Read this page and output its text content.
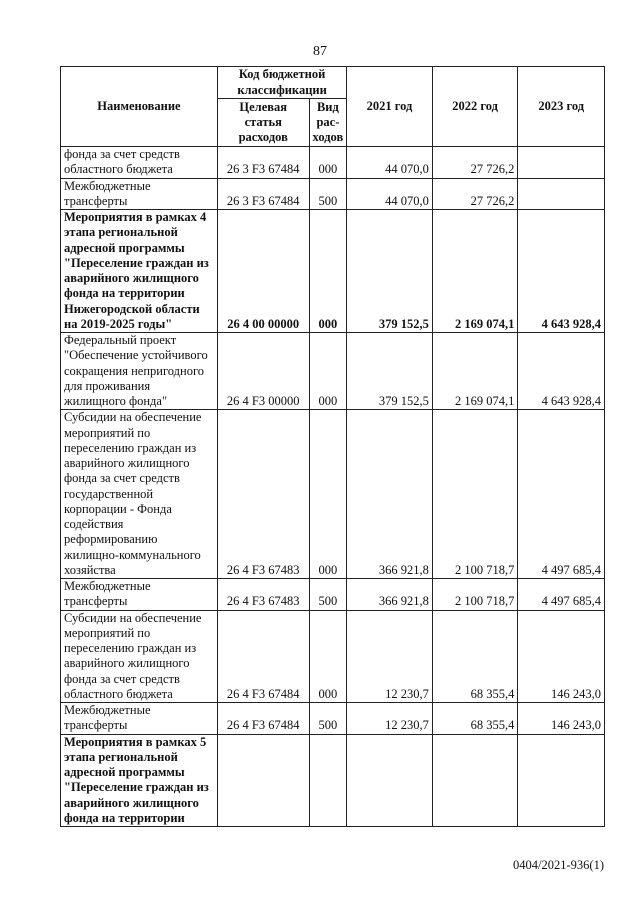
87
Наименование	Код бюджетной классификации		2021 год	2022 год	2023 год
	Целевая статья расходов	Вид рас-ходов			
фонда за счет средств областного бюджета	26 3 F3 67484	000	44 070,0	27 726,2	
Межбюджетные трансферты	26 3 F3 67484	500	44 070,0	27 726,2	
Мероприятия в рамках 4 этапа региональной адресной программы "Переселение граждан из аварийного жилищного фонда на территории Нижегородской области на 2019-2025 годы"	26 4 00 00000	000	379 152,5	2 169 074,1	4 643 928,4
Федеральный проект "Обеспечение устойчивого сокращения непригодного для проживания жилищного фонда"	26 4 F3 00000	000	379 152,5	2 169 074,1	4 643 928,4
Субсидии на обеспечение мероприятий по переселению граждан из аварийного жилищного фонда за счет средств государственной корпорации - Фонда содействия реформированию жилищно-коммунального хозяйства	26 4 F3 67483	000	366 921,8	2 100 718,7	4 497 685,4
Межбюджетные трансферты	26 4 F3 67483	500	366 921,8	2 100 718,7	4 497 685,4
Субсидии на обеспечение мероприятий по переселению граждан из аварийного жилищного фонда за счет средств областного бюджета	26 4 F3 67484	000	12 230,7	68 355,4	146 243,0
Межбюджетные трансферты	26 4 F3 67484	500	12 230,7	68 355,4	146 243,0
Мероприятия в рамках 5 этапа региональной адресной программы "Переселение граждан из аварийного жилищного фонда на территории					
0404/2021-936(1)
